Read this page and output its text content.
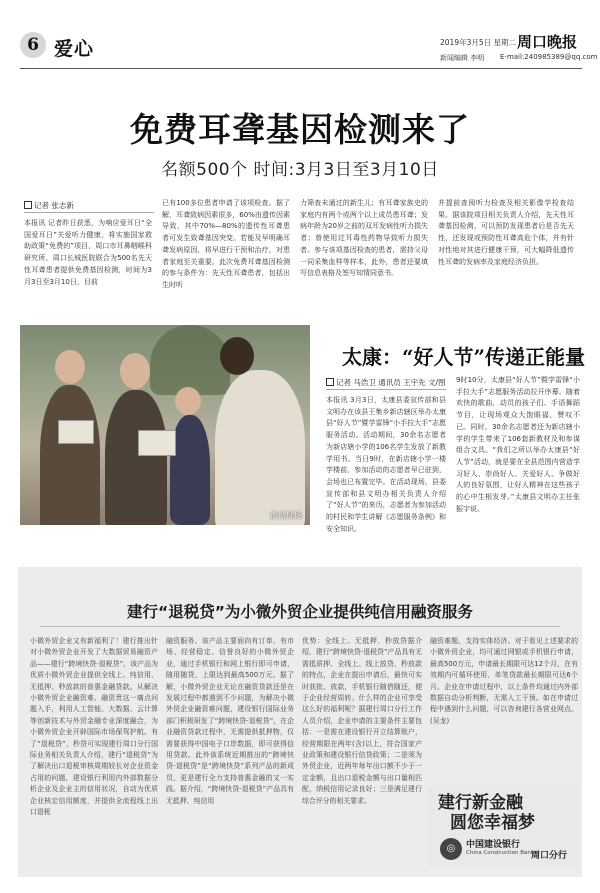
6 爱心	2019年3月5日 星期二 周口晚报
新闻编辑 李明 E-mail:240985389@qq.com
免费耳聋基因检测来了
名额500个 时间:3月3日至3月10日
记者 张志新
本报讯 记者昨日获悉，为响应爱耳日“全国爱耳日”关爱听力健康，将实施国家救助政策“免费的”项目，周口市耳鼻咽喉科研究所、周口长城医院联合为500名先天性耳聋患者提供免费基因检测，时间为3月3日至3月10日，目前
已有100多位患者申请了该项检查。据了解，耳聋致病因素很多，60%由遗传因素导致，其中70%—80%的遗传性耳聋患者可发生致聋基因突变。若能及早明确耳聋发病原因，将早进行干预和治疗，对患者家庭至关重要。此次免费耳聋基因检测的参与条件为：先天性耳聋患者，包括出生时听
力筛查未通过的新生儿；有耳聋家族史的家庭内有两个或两个以上成员患耳聋；发病年龄为20岁之前的双耳发病性听力损失者；曾使用过耳毒性药物导致听力损失者。参与该项基因检查的患者，需持父母一同采集血样等样本，此外，患者还要填写信息表格及签写知情同意书。
并提前查阅听力检查及相关影像学检查结果。据该院项目相关负责人介绍，先天性耳聋基因检测，可以预防发现患者后是否先天性，还发现或预防性耳聋高危个体，并有针对性地对其进行健康干预，可大幅降低遗传性耳聋的发病率及家庭经济负担。
活动现场
太康：“好人节”传递正能量
记者 马浩卫 通讯员 王宇先 文/图
本报讯 3月3日，太康县委宣传部和县文明办在该县王集乡新店辖区举办太康县“好人节”暨学雷锋“小手拉大手”志愿服务活动。活动期间，30余名志愿者为新店辖小学的106名学生发放了新教学用书。当日9时，在新店辖小学一楼学楼前，参加活动的志愿者早已驻到，会场也已布置完毕。在活动现场，县委宣传部和县文明办相关负责人介绍了“好人节”的来历，志愿者为参加活动的村民和学生讲解《志愿服务条例》和安全知识。
9时10分，太康县“好人节”暨学雷锋“小手拉大手”志愿服务活动拉开序幕。随着欢快的歌曲，动员的孩子们、手语舞蹈节目，让现场观众大饱眼福，赞叹不已。同时，30余名志愿者还为新店辖小学的学生带来了106套新教材及和参谋组合文具。“我们之所以举办太康县“好人节”活动，就是要在全县范围内营造学习好人、崇尚好人、关爱好人、争做好人的良好氛围，让好人精神在这些孩子的心中生根发芽。”太康县文明办主任张振宇说。
建行“退税贷”为小微外贸企业提供纯信用融资服务
小微外贸企业又有新福利了！建行推出针对小微外贸企业开发了大数据贸易融资产品——建行“跨境快贷-退税贷”，该产品为优质小微外贸企业提供全线上、纯信用、无抵押、秒放款的普惠金融贷款。从解决小微外贸企业融资难、融资贵这一痛点问题入手，利用人工智能、大数据、云计算等创新技术与外贸金融专业深度融合，为小微外贸企业开辟国际市场保驾护航。有了“退税贷”，秒贷可实现建行周口分行国际业务相关负责人介绍，建行“退税贷”为了解决出口退税审核周期较长对企业资金占用的问题，建设银行利用内外部数据分析企业及企业主的信用状况，自动为优质企业核定信用额度，并提供全流程线上出口退税
融资服务。该产品主要面向有订单、有市场、经营稳定、信誉良好的小微外贸企业，通过手机银行和网上银行即可申请，随用随贷，上限达到最高500万元。据了解，小微外贸企业无论在融资贷款还是在发展过程中都遇到不少问题，为解决小微外贸企业融资难问题，建设银行国际业务部门积极研发了“跨境快贷-退税贷”，在企业融资贷款过程中，无需提供抵押物，仅需要获得中国电子口岸数据，即可获得信用贷款。此外该系统近期推出的“跨境快贷-退税贷”是“跨境快贷”系列产品的新成员，更是建行全力支持普惠金融的又一实践。据介绍，“跨境快贷-退税贷”产品具有无抵押、纯信用
优势：全线上、无抵押、秒放贷据介绍，建行“跨境快贷-退税贷”产品具有无需抵质押、全线上、线上放贷、秒放款的特点，企业在提出申请后，最快可实时获批、放款，手机银行随借随还，便于企业经营周转。什么样的企业可享受这么好的福利呢？据建行周口分行工作人员介绍，企业申请的主要条件主要包括：一是需在建设银行开立结算账户，经营期限在两年(含)以上，符合国家产业政策和建设银行信贷政策；二是须为外贸企业，近两年每年出口额不少于一定金额，且出口退税金额与出口量相匹配，纳税信用记录良好；三是满足建行综合评分的相关要求。
融资难题，支持实体经济。对于看见上述要求的小微外贸企业，均可通过网银或手机银行申请，最高500万元，申请最长期限可达12个月，在有效期内可循环使用，单笔贷款最长期限可达6个月。企业在申请过程中，以上条件均通过内外部数据自动分析判断，无需人工干预。如在申请过程中遇到什么问题，可以咨询建行各营业网点。(吴龙)
建行新金融
圆您幸福梦
◎	中国建设银行
China Construction Bank
周口分行
